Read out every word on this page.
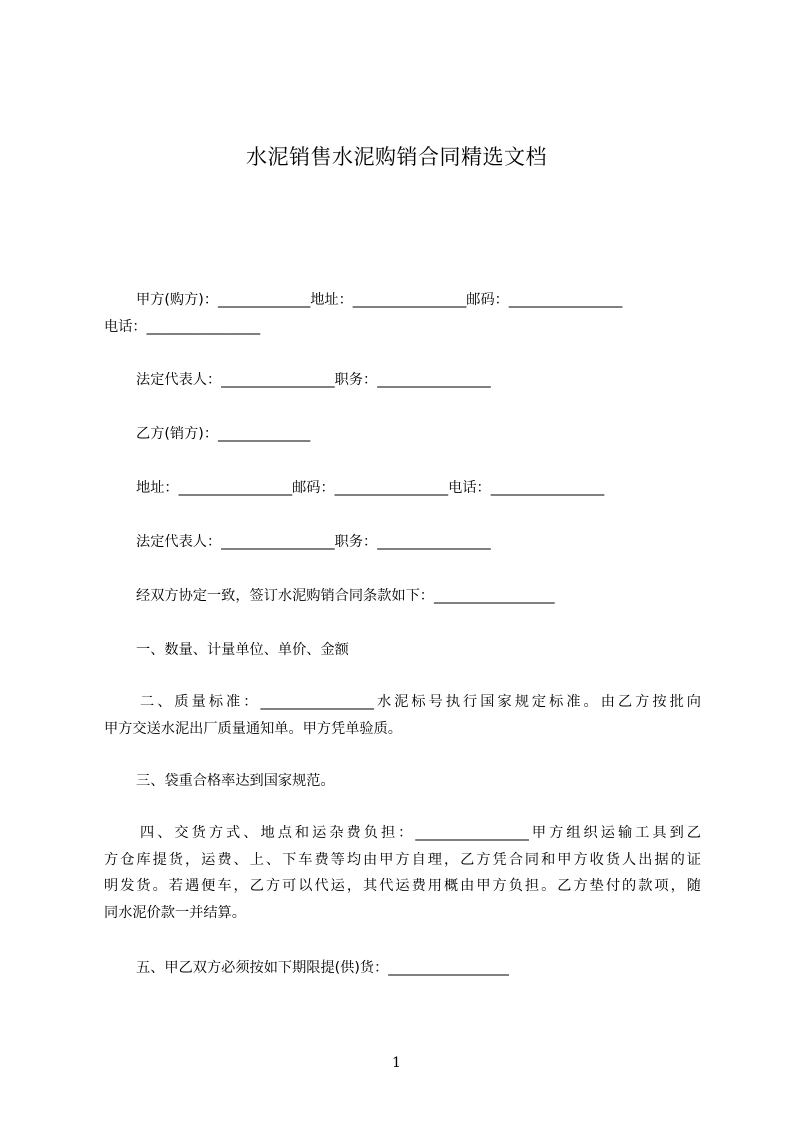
水泥销售水泥购销合同精选文档
甲方(购方)：_____________地址：________________邮码：________________
电话：________________
法定代表人：________________职务：________________
乙方(销方)：_____________
地址：________________邮码：________________电话：________________
法定代表人：________________职务：________________
经双方协定一致，签订水泥购销合同条款如下：_________________
一、数量、计量单位、单价、金额
二、质量标准：________________水泥标号执行国家规定标准。由乙方按批向
甲方交送水泥出厂质量通知单。甲方凭单验质。
三、袋重合格率达到国家规范。
四、交货方式、地点和运杂费负担：________________甲方组织运输工具到乙
方仓库提货，运费、上、下车费等均由甲方自理，乙方凭合同和甲方收货人出据的证
明发货。若遇便车，乙方可以代运，其代运费用概由甲方负担。乙方垫付的款项，随
同水泥价款一并结算。
五、甲乙双方必须按如下期限提(供)货：_________________
1
